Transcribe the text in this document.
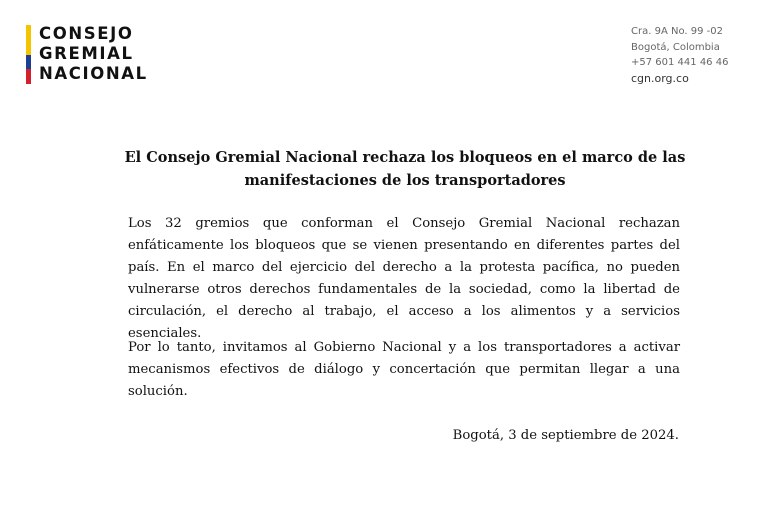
CONSEJO
GREMIAL
NACIONAL
Cra. 9A No. 99 -02
Bogotá, Colombia
+57 601 441 46 46
cgn.org.co
El Consejo Gremial Nacional rechaza los bloqueos en el marco de las manifestaciones de los transportadores

Los 32 gremios que conforman el Consejo Gremial Nacional rechazan enfáticamente los bloqueos que se vienen presentando en diferentes partes del país. En el marco del ejercicio del derecho a la protesta pacífica, no pueden vulnerarse otros derechos fundamentales de la sociedad, como la libertad de circulación, el derecho al trabajo, el acceso a los alimentos y a servicios esenciales.

Por lo tanto, invitamos al Gobierno Nacional y a los transportadores a activar mecanismos efectivos de diálogo y concertación que permitan llegar a una solución.

Bogotá, 3 de septiembre de 2024.
